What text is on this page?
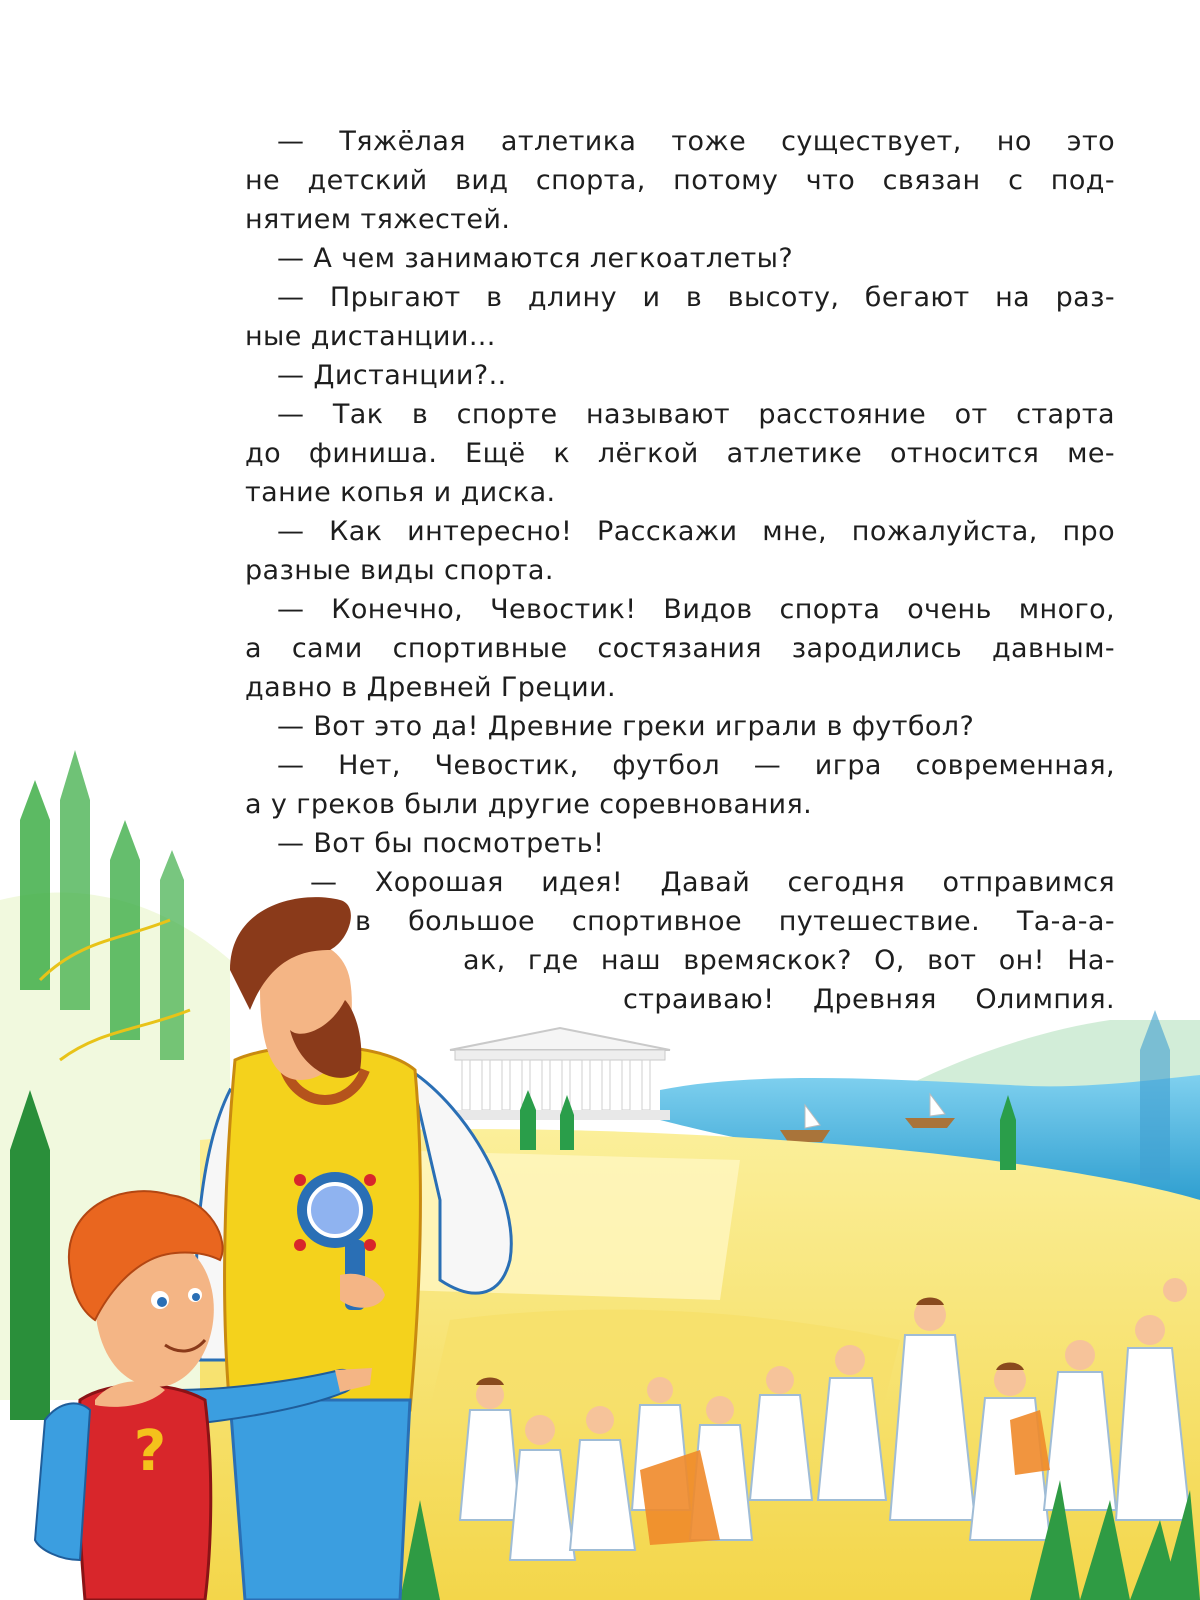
?
— Тяжёлая атлетика тоже существует, но это
не детский вид спорта, потому что связан с под-
нятием тяжестей.
— А чем занимаются легкоатлеты?
— Прыгают в длину и в высоту, бегают на раз-
ные дистанции...
— Дистанции?..
— Так в спорте называют расстояние от старта
до финиша. Ещё к лёгкой атлетике относится ме-
тание копья и диска.
— Как интересно! Расскажи мне, пожалуйста, про
разные виды спорта.
— Конечно, Чевостик! Видов спорта очень много,
а сами спортивные состязания зародились давным-
давно в Древней Греции.
— Вот это да! Древние греки играли в футбол?
— Нет, Чевостик, футбол — игра современная,
а у греков были другие соревнования.
— Вот бы посмотреть!
— Хорошая идея! Давай сегодня отправимся
в большое спортивное путешествие. Та-а-а-
ак, где наш времяскок? О, вот он! На-
страиваю! Древняя Олимпия.
